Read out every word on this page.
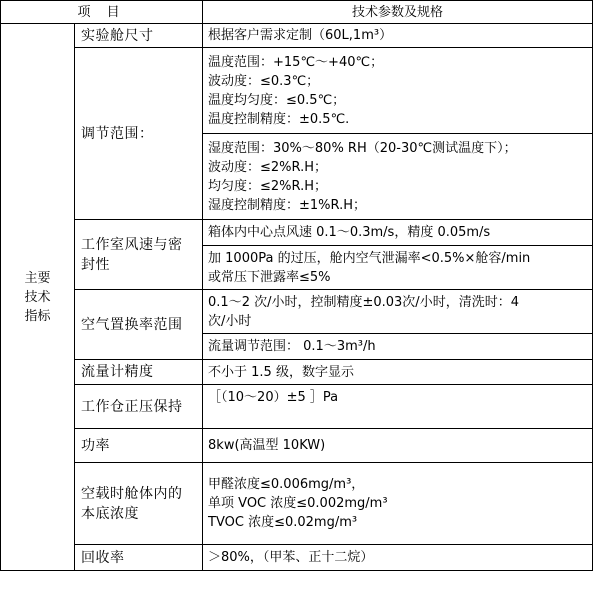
项 目		技术参数及规格

主要
技术
指标	实验舱尺寸	根据客户需求定制（60L,1m³）
	调节范围：	温度范围：+15℃～+40℃；
波动度：≤0.3℃；
温度均匀度：≤0.5℃；
温度控制精度：±0.5℃.

		湿度范围：30%～80% RH（20-30℃测试温度下）；
波动度：≤2%R.H；
均匀度：≤2%R.H；
湿度控制精度：±1%R.H；

	工作室风速与密封性	箱体内中心点风速 0.1～0.3m/s，精度 0.05m/s

		加 1000Pa 的过压，舱内空气泄漏率<0.5%×舱容/min
或常压下泄露率≤5%

	空气置换率范围	0.1～2 次/小时，控制精度±0.03次/小时，清洗时：4
次/小时

		流量调节范围： 0.1～3m³/h

	流量计精度	不小于 1.5 级，数字显示
	工作仓正压保持	［（10～20）±5 ］Pa
	功率	8kw(高温型 10KW)
	空载时舱体内的本底浓度	甲醛浓度≤0.006mg/m³，
单项 VOC 浓度≤0.002mg/m³
TVOC 浓度≤0.02mg/m³

	回收率	＞80%，（甲苯、正十二烷）
